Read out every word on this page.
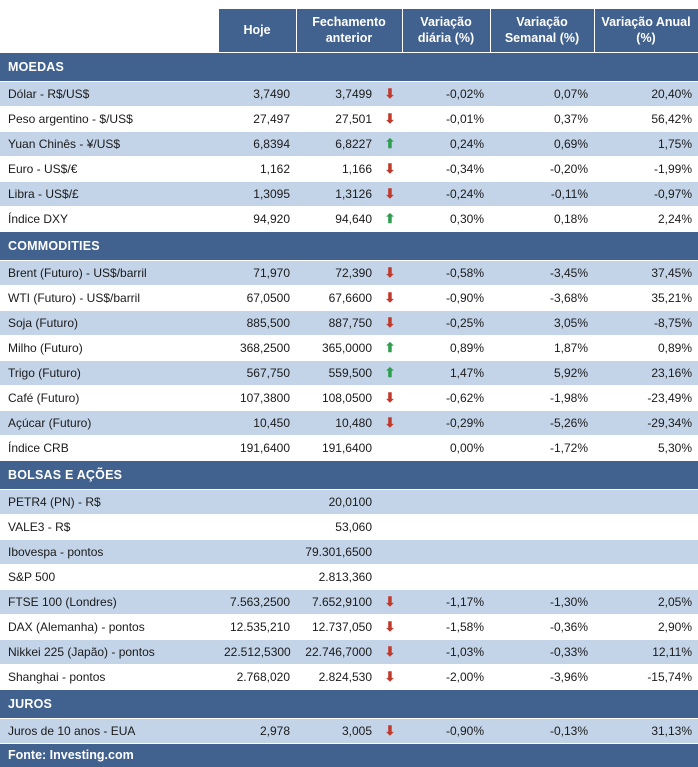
	Hoje	Fechamento anterior		Variação diária (%)	Variação Semanal (%)	Variação Anual (%)
MOEDAS						
Dólar - R$/US$	3,7490	3,7499	⬇	-0,02%	0,07%	20,40%
Peso argentino - $/US$	27,497	27,501	⬇	-0,01%	0,37%	56,42%
Yuan Chinês - ¥/US$	6,8394	6,8227	⬆	0,24%	0,69%	1,75%
Euro - US$/€	1,162	1,166	⬇	-0,34%	-0,20%	-1,99%
Libra - US$/£	1,3095	1,3126	⬇	-0,24%	-0,11%	-0,97%
Índice DXY	94,920	94,640	⬆	0,30%	0,18%	2,24%
COMMODITIES						
Brent (Futuro) - US$/barril	71,970	72,390	⬇	-0,58%	-3,45%	37,45%
WTI (Futuro) - US$/barril	67,0500	67,6600	⬇	-0,90%	-3,68%	35,21%
Soja (Futuro)	885,500	887,750	⬇	-0,25%	3,05%	-8,75%
Milho (Futuro)	368,2500	365,0000	⬆	0,89%	1,87%	0,89%
Trigo (Futuro)	567,750	559,500	⬆	1,47%	5,92%	23,16%
Café (Futuro)	107,3800	108,0500	⬇	-0,62%	-1,98%	-23,49%
Açúcar (Futuro)	10,450	10,480	⬇	-0,29%	-5,26%	-29,34%
Índice CRB	191,6400	191,6400		0,00%	-1,72%	5,30%
BOLSAS E AÇÕES						
PETR4 (PN) - R$		20,0100				
VALE3 - R$		53,060				
Ibovespa - pontos		79.301,6500				
S&P 500		2.813,360				
FTSE 100 (Londres)	7.563,2500	7.652,9100	⬇	-1,17%	-1,30%	2,05%
DAX (Alemanha) - pontos	12.535,210	12.737,050	⬇	-1,58%	-0,36%	2,90%
Nikkei 225 (Japão) - pontos	22.512,5300	22.746,7000	⬇	-1,03%	-0,33%	12,11%
Shanghai - pontos	2.768,020	2.824,530	⬇	-2,00%	-3,96%	-15,74%
JUROS						
Juros de 10 anos - EUA	2,978	3,005	⬇	-0,90%	-0,13%	31,13%
Fonte: Investing.com
